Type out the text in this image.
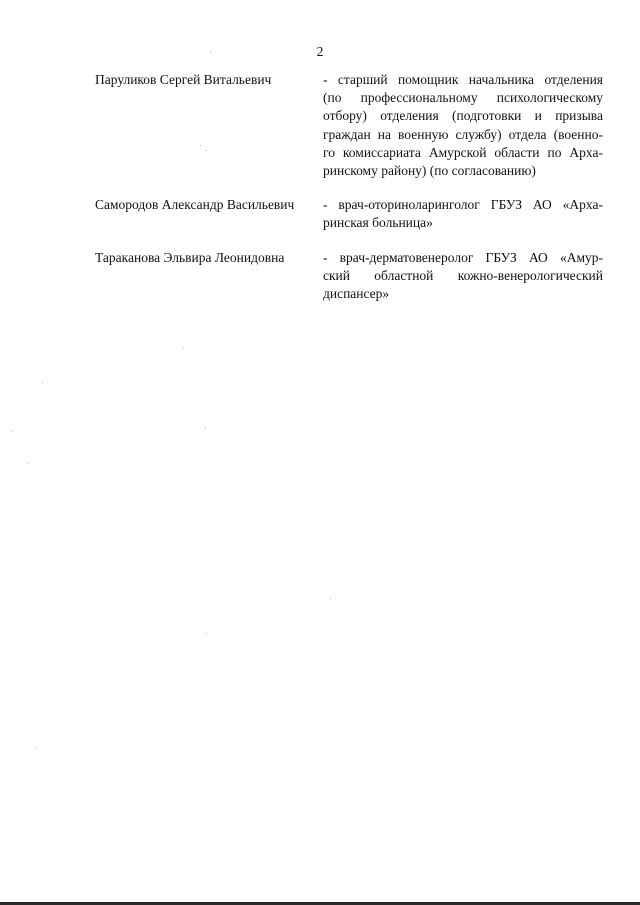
2
Паруликов Сергей Витальевич	- старший помощник начальника отделения
(по профессиональному психологическому
отбору) отделения (подготовки и призыва
граждан на военную службу) отдела (военно-
го комиссариата Амурской области по Арха-
ринскому району) (по согласованию)
Самородов Александр Васильевич	- врач-оториноларинголог ГБУЗ АО «Арха-
ринская больница»
Тараканова Эльвира Леонидовна	- врач-дерматовенеролог ГБУЗ АО «Амур-
ский областной кожно-венерологический
диспансер»
